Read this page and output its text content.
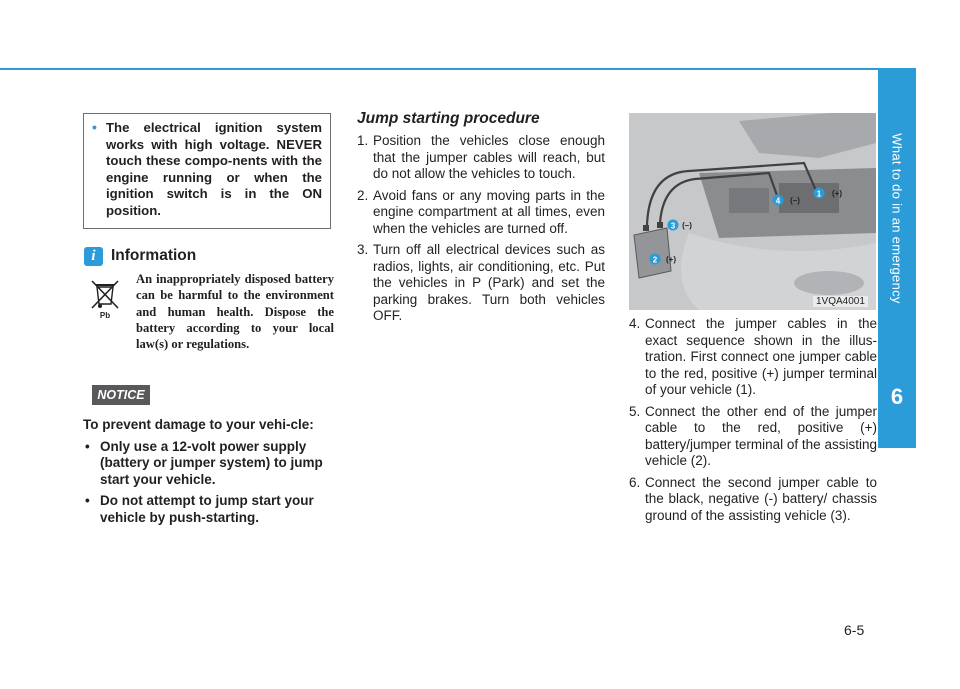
What to do in an emergency
6
• The electrical ignition system works with high voltage. NEVER touch these compo-nents with the engine running or when the ignition switch is in the ON position.
i Information
Pb
An inappropriately disposed battery can be harmful to the environment and human health. Dispose the battery according to your local law(s) or regulations.
NOTICE
To prevent damage to your vehi-cle:
• Only use a 12-volt power supply (battery or jumper system) to jump start your vehicle.
• Do not attempt to jump start your vehicle by push-starting.
Jump starting procedure
1. Position the vehicles close enough that the jumper cables will reach, but do not allow the vehicles to touch.
2. Avoid fans or any moving parts in the engine compartment at all times, even when the vehicles are turned off.
3. Turn off all electrical devices such as radios, lights, air conditioning, etc. Put the vehicles in P (Park) and set the parking brakes. Turn both vehicles OFF.
1 (+)
4 (–)
2 (+)
3 (–)
1VQA4001
4. Connect the jumper cables in the exact sequence shown in the illus-tration. First connect one jumper cable to the red, positive (+) jumper terminal of your vehicle (1).
5. Connect the other end of the jumper cable to the red, positive (+) battery/jumper terminal of the assisting vehicle (2).
6. Connect the second jumper cable to the black, negative (-) battery/ chassis ground of the assisting vehicle (3).
6-5
